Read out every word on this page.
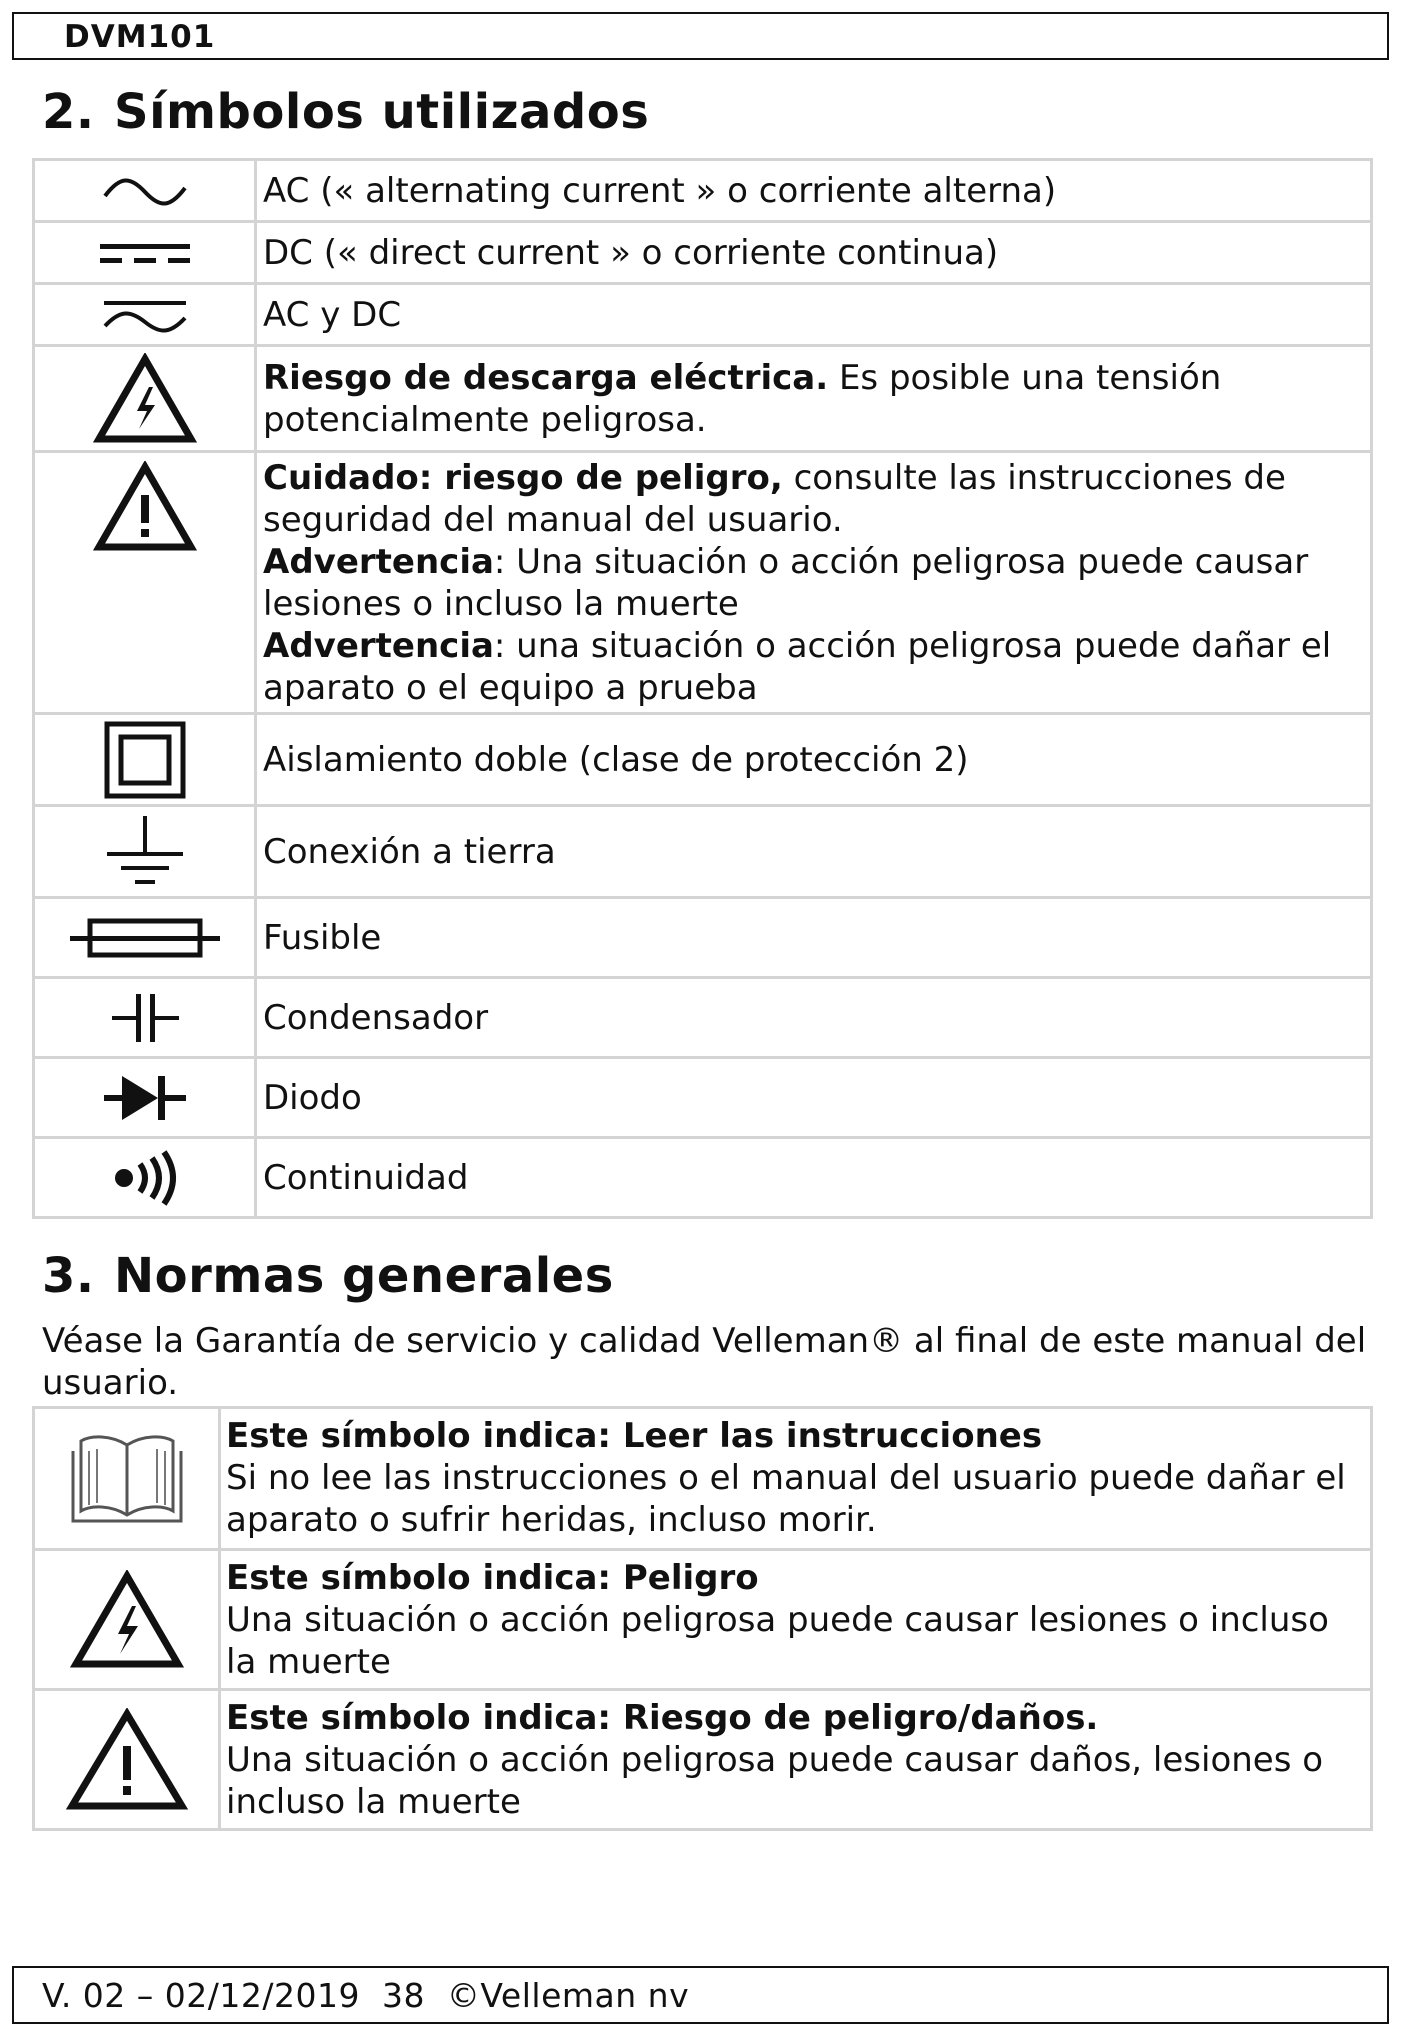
DVM101
2. Símbolos utilizados
	AC (« alternating current » o corriente alterna)
	DC (« direct current » o corriente continua)
	AC y DC
	Riesgo de descarga eléctrica. Es posible una tensión potencialmente peligrosa.
	Cuidado: riesgo de peligro, consulte las instrucciones de seguridad del manual del usuario.
Advertencia: Una situación o acción peligrosa puede causar lesiones o incluso la muerte
Advertencia: una situación o acción peligrosa puede dañar el aparato o el equipo a prueba
	Aislamiento doble (clase de protección 2)
	Conexión a tierra
	Fusible
	Condensador
	Diodo
	Continuidad
3. Normas generales

Véase la Garantía de servicio y calidad Velleman® al final de este manual del usuario.

	Este símbolo indica: Leer las instrucciones
Si no lee las instrucciones o el manual del usuario puede dañar el aparato o sufrir heridas, incluso morir.
	Este símbolo indica: Peligro
Una situación o acción peligrosa puede causar lesiones o incluso la muerte
	Este símbolo indica: Riesgo de peligro/daños.
Una situación o acción peligrosa puede causar daños, lesiones o incluso la muerte
V. 02 – 02/12/2019  38  ©Velleman nv
